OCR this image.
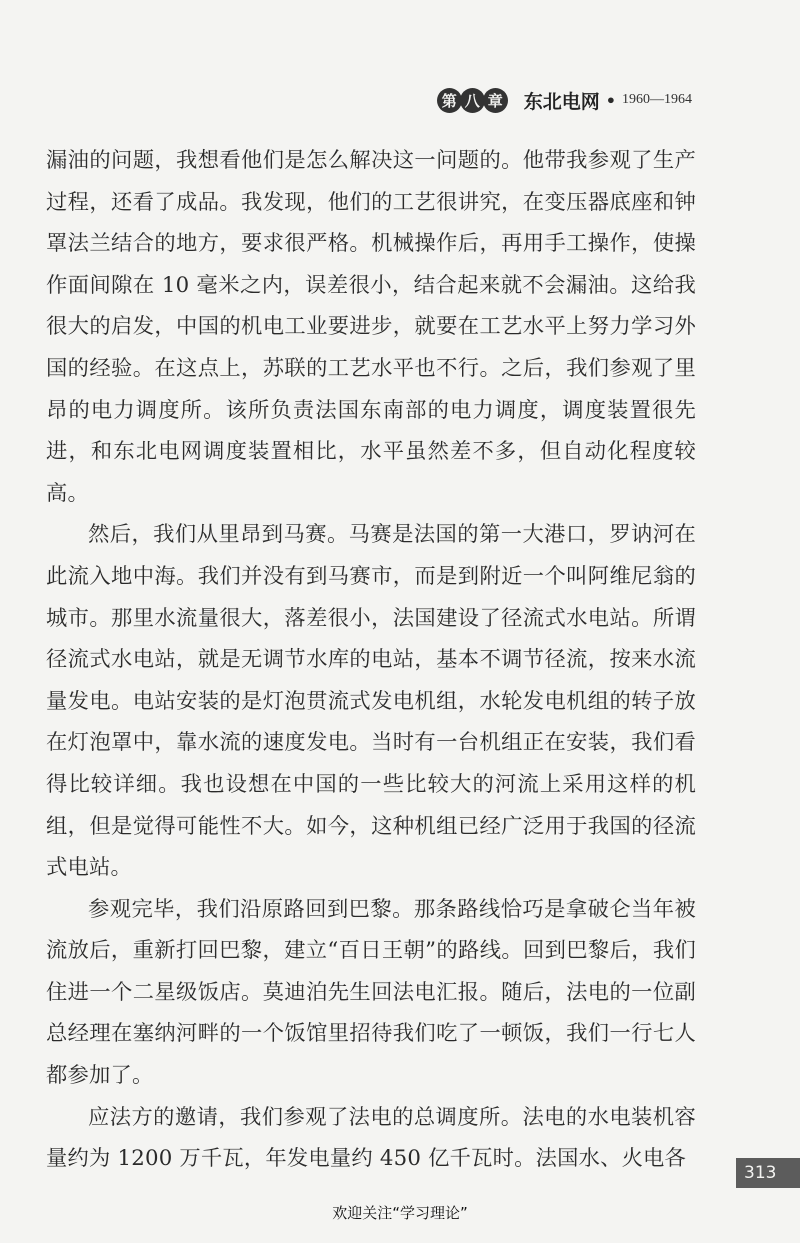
第 八 章 东北电网 • 1960—1964

漏油的问题，我想看他们是怎么解决这一问题的。他带我参观了生产过程，还看了成品。我发现，他们的工艺很讲究，在变压器底座和钟罩法兰结合的地方，要求很严格。机械操作后，再用手工操作，使操作面间隙在 10 毫米之内，误差很小，结合起来就不会漏油。这给我很大的启发，中国的机电工业要进步，就要在工艺水平上努力学习外国的经验。在这点上，苏联的工艺水平也不行。之后，我们参观了里昂的电力调度所。该所负责法国东南部的电力调度，调度装置很先进，和东北电网调度装置相比，水平虽然差不多，但自动化程度较高。

然后，我们从里昂到马赛。马赛是法国的第一大港口，罗讷河在此流入地中海。我们并没有到马赛市，而是到附近一个叫阿维尼翁的城市。那里水流量很大，落差很小，法国建设了径流式水电站。所谓径流式水电站，就是无调节水库的电站，基本不调节径流，按来水流量发电。电站安装的是灯泡贯流式发电机组，水轮发电机组的转子放在灯泡罩中，靠水流的速度发电。当时有一台机组正在安装，我们看得比较详细。我也设想在中国的一些比较大的河流上采用这样的机组，但是觉得可能性不大。如今，这种机组已经广泛用于我国的径流式电站。

参观完毕，我们沿原路回到巴黎。那条路线恰巧是拿破仑当年被流放后，重新打回巴黎，建立“百日王朝”的路线。回到巴黎后，我们住进一个二星级饭店。莫迪泊先生回法电汇报。随后，法电的一位副总经理在塞纳河畔的一个饭馆里招待我们吃了一顿饭，我们一行七人都参加了。

应法方的邀请，我们参观了法电的总调度所。法电的水电装机容量约为 1200 万千瓦，年发电量约 450 亿千瓦时。法国水、火电各

313
欢迎关注“学习理论”
